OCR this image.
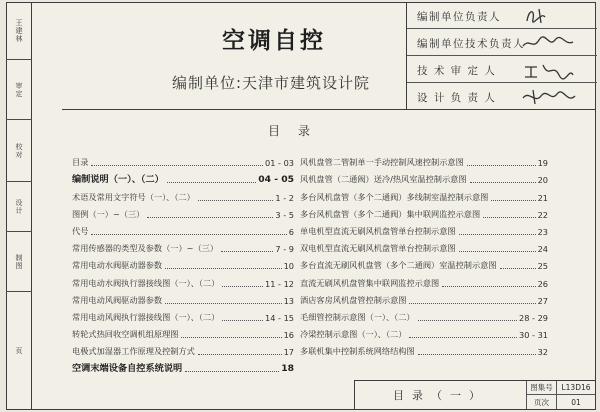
王建林
审定
校对
设计
制图
页
空调自控
编制单位:天津市建筑设计院
编制单位负责人
编制单位技术负责人
技 术 审 定 人
设 计 负 责 人
目录
目录	01 - 03
编制说明（一）、（二）	04 - 05
术语及常用文字符号（一）、（二）	1 - 2
图例（一）~（三）	3 - 5
代号	6
常用传感器的类型及参数（一）~（三）	7 - 9
常用电动水阀驱动器参数	10
常用电动水阀执行器接线图（一）、（二）	11 - 12
常用电动风阀驱动器参数	13
常用电动风阀执行器接线图（一）、（二）	14 - 15
转轮式热回收空调机组原理图	16
电极式加湿器工作原理及控制方式	17
空调末端设备自控系统说明	18
风机盘管二管制单一手动控制风速控制示意图	19
风机盘管（二通阀）送冷/热风室温控制示意图	20
多台风机盘管（多个二通阀）多线制室温控制示意图	21
多台风机盘管（多个二通阀）集中联网监控示意图	22
单电机型直流无刷风机盘管单台控制示意图	23
双电机型直流无刷风机盘管单台控制示意图	24
多台直流无刷风机盘管（多个二通阀）室温控制示意图	25
直流无刷风机盘管集中联网监控示意图	26
酒店客房风机盘管控制示意图	27
毛细管控制示意图（一）、（二）	28 - 29
冷梁控制示意图（一）、（二）	30 - 31
多联机集中控制系统网络结构图	32
目录（一）
图集号	L13D16
页次	01
